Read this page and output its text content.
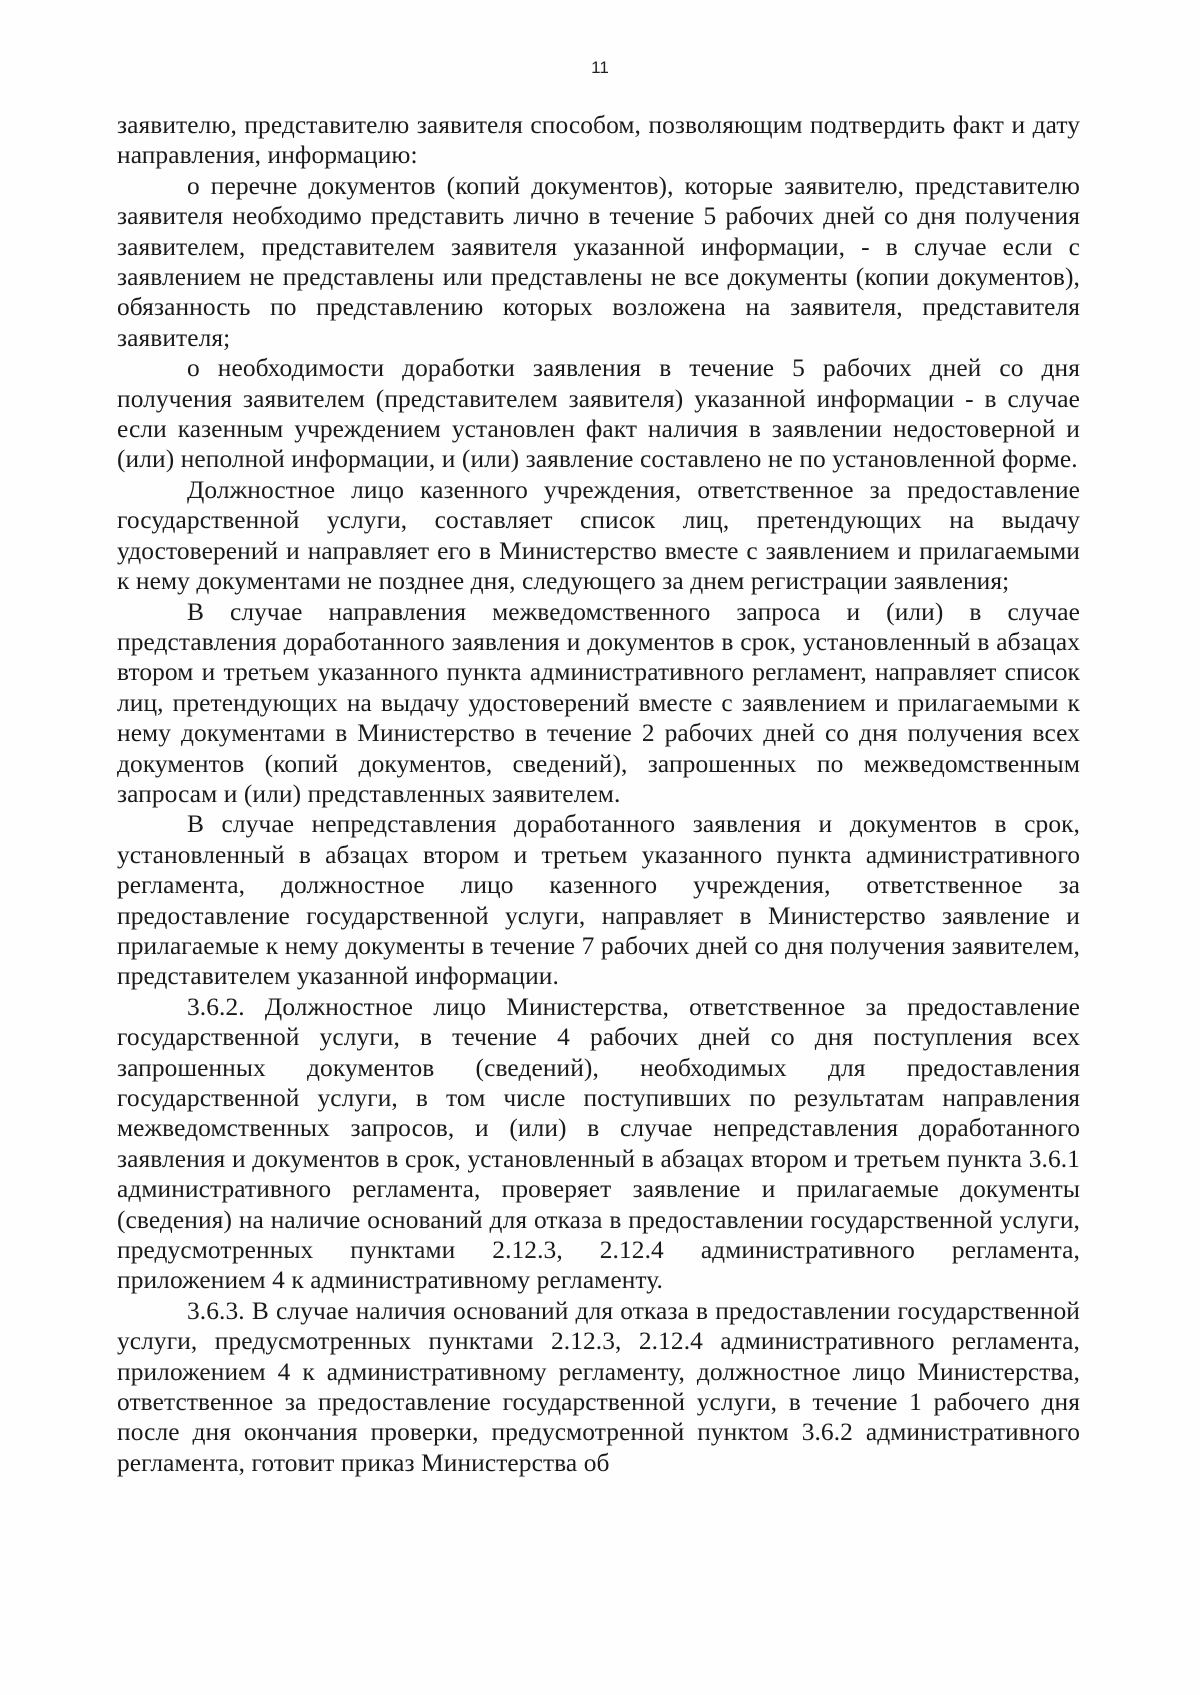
11

заявителю, представителю заявителя способом, позволяющим подтвердить факт и дату направления, информацию:

о перечне документов (копий документов), которые заявителю, представителю заявителя необходимо представить лично в течение 5 рабочих дней со дня получения заявителем, представителем заявителя указанной информации, - в случае если с заявлением не представлены или представлены не все документы (копии документов), обязанность по представлению которых возложена на заявителя, представителя заявителя;

о необходимости доработки заявления в течение 5 рабочих дней со дня получения заявителем (представителем заявителя) указанной информации - в случае если казенным учреждением установлен факт наличия в заявлении недостоверной и (или) неполной информации, и (или) заявление составлено не по установленной форме.

Должностное лицо казенного учреждения, ответственное за предоставление государственной услуги, составляет список лиц, претендующих на выдачу удостоверений и направляет его в Министерство вместе с заявлением и прилагаемыми к нему документами не позднее дня, следующего за днем регистрации заявления;

В случае направления межведомственного запроса и (или) в случае представления доработанного заявления и документов в срок, установленный в абзацах втором и третьем указанного пункта административного регламент, направляет список лиц, претендующих на выдачу удостоверений вместе с заявлением и прилагаемыми к нему документами в Министерство в течение 2 рабочих дней со дня получения всех документов (копий документов, сведений), запрошенных по межведомственным запросам и (или) представленных заявителем.

В случае непредставления доработанного заявления и документов в срок, установленный в абзацах втором и третьем указанного пункта административного регламента, должностное лицо казенного учреждения, ответственное за предоставление государственной услуги, направляет в Министерство заявление и прилагаемые к нему документы в течение 7 рабочих дней со дня получения заявителем, представителем указанной информации.

3.6.2. Должностное лицо Министерства, ответственное за предоставление государственной услуги, в течение 4 рабочих дней со дня поступления всех запрошенных документов (сведений), необходимых для предоставления государственной услуги, в том числе поступивших по результатам направления межведомственных запросов, и (или) в случае непредставления доработанного заявления и документов в срок, установленный в абзацах втором и третьем пункта 3.6.1 административного регламента, проверяет заявление и прилагаемые документы (сведения) на наличие оснований для отказа в предоставлении государственной услуги, предусмотренных пунктами 2.12.3, 2.12.4 административного регламента, приложением 4 к административному регламенту.

3.6.3. В случае наличия оснований для отказа в предоставлении государственной услуги, предусмотренных пунктами 2.12.3, 2.12.4 административного регламента, приложением 4 к административному регламенту, должностное лицо Министерства, ответственное за предоставление государственной услуги, в течение 1 рабочего дня после дня окончания проверки, предусмотренной пунктом 3.6.2 административного регламента, готовит приказ Министерства об
